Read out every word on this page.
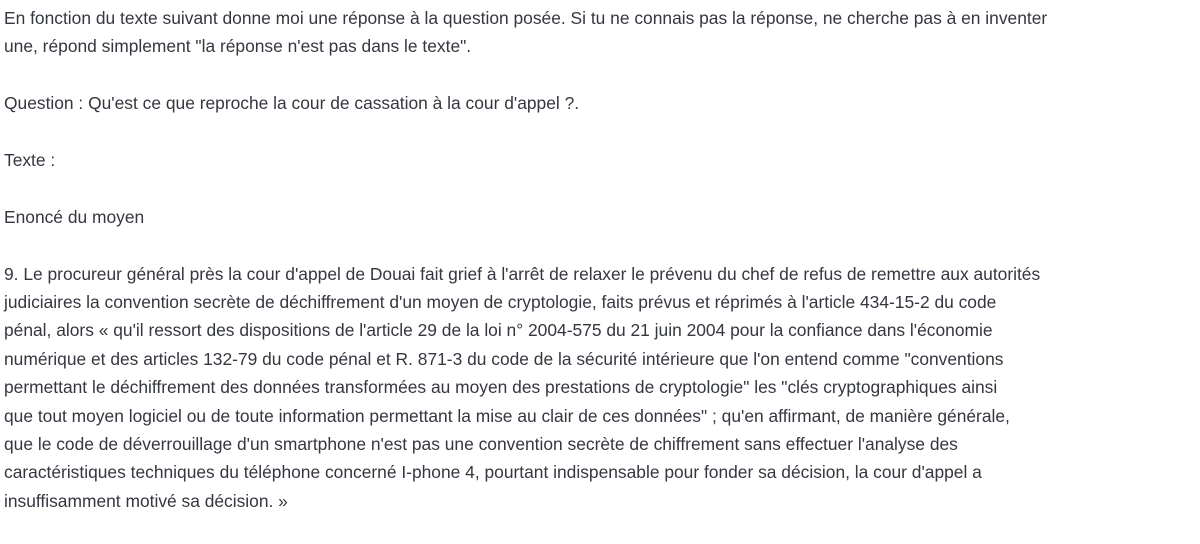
En fonction du texte suivant donne moi une réponse à la question posée. Si tu ne connais pas la réponse, ne cherche pas à en inventer
une, répond simplement "la réponse n'est pas dans le texte".
Question : Qu'est ce que reproche la cour de cassation à la cour d'appel ?.
Texte :
Enoncé du moyen
9. Le procureur général près la cour d'appel de Douai fait grief à l'arrêt de relaxer le prévenu du chef de refus de remettre aux autorités
judiciaires la convention secrète de déchiffrement d'un moyen de cryptologie, faits prévus et réprimés à l'article 434-15-2 du code
pénal, alors « qu'il ressort des dispositions de l'article 29 de la loi n° 2004-575 du 21 juin 2004 pour la confiance dans l'économie
numérique et des articles 132-79 du code pénal et R. 871-3 du code de la sécurité intérieure que l'on entend comme "conventions
permettant le déchiffrement des données transformées au moyen des prestations de cryptologie" les "clés cryptographiques ainsi
que tout moyen logiciel ou de toute information permettant la mise au clair de ces données" ; qu'en affirmant, de manière générale,
que le code de déverrouillage d'un smartphone n'est pas une convention secrète de chiffrement sans effectuer l'analyse des
caractéristiques techniques du téléphone concerné I-phone 4, pourtant indispensable pour fonder sa décision, la cour d'appel a
insuffisamment motivé sa décision. »
